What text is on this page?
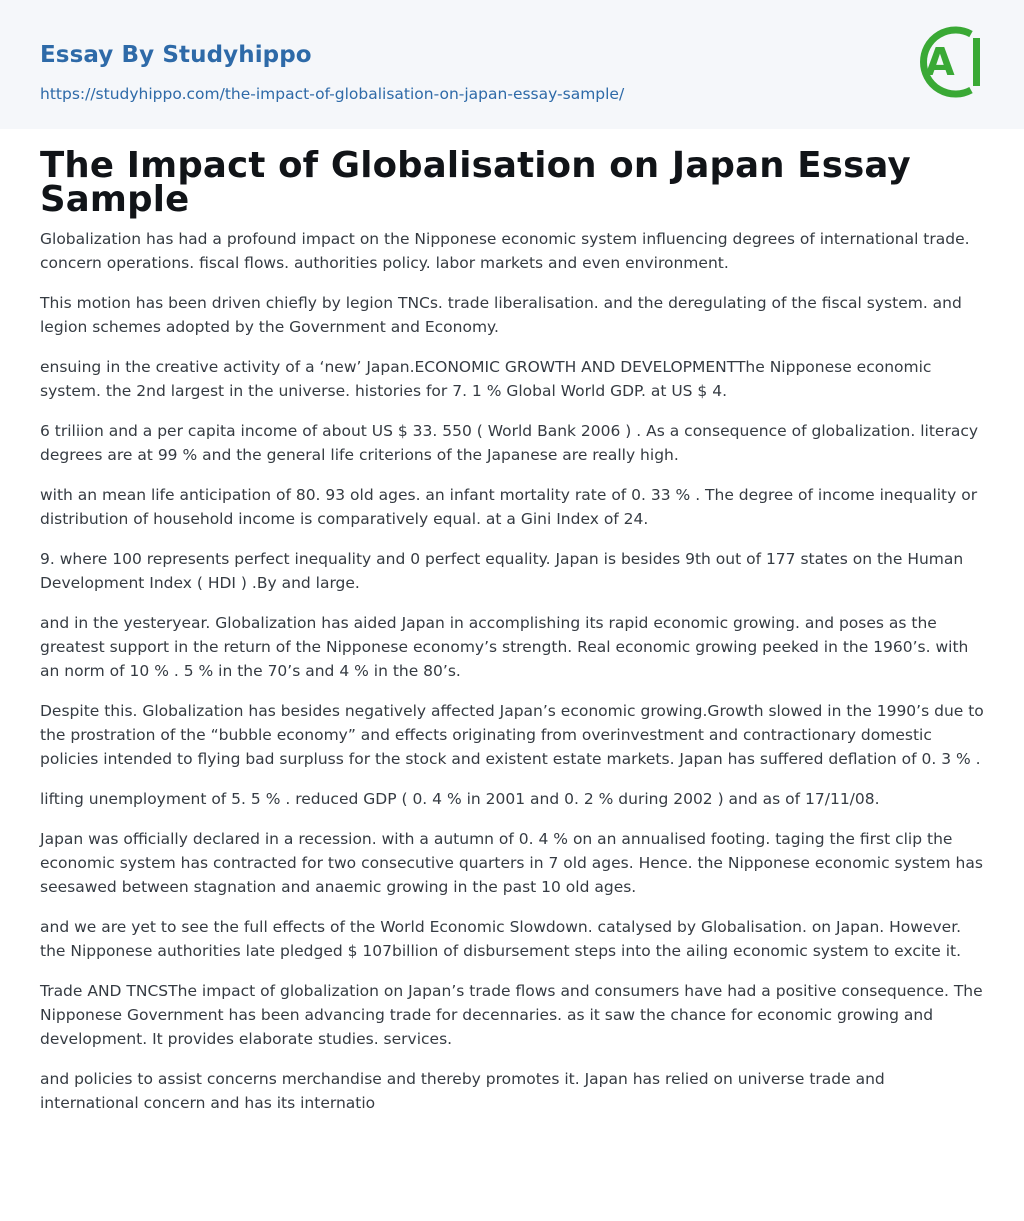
Essay By Studyhippo
https://studyhippo.com/the-impact-of-globalisation-on-japan-essay-sample/
A
The Impact of Globalisation on Japan Essay Sample

Globalization has had a profound impact on the Nipponese economic system influencing degrees of international trade. concern operations. fiscal flows. authorities policy. labor markets and even environment.

This motion has been driven chiefly by legion TNCs. trade liberalisation. and the deregulating of the fiscal system. and legion schemes adopted by the Government and Economy.

ensuing in the creative activity of a ‘new’ Japan.ECONOMIC GROWTH AND DEVELOPMENTThe Nipponese economic system. the 2nd largest in the universe. histories for 7. 1 % Global World GDP. at US $ 4.

6 triliion and a per capita income of about US $ 33. 550 ( World Bank 2006 ) . As a consequence of globalization. literacy degrees are at 99 % and the general life criterions of the Japanese are really high.

with an mean life anticipation of 80. 93 old ages. an infant mortality rate of 0. 33 % . The degree of income inequality or distribution of household income is comparatively equal. at a Gini Index of 24.

9. where 100 represents perfect inequality and 0 perfect equality. Japan is besides 9th out of 177 states on the Human Development Index ( HDI ) .By and large.

and in the yesteryear. Globalization has aided Japan in accomplishing its rapid economic growing. and poses as the greatest support in the return of the Nipponese economy’s strength. Real economic growing peeked in the 1960’s. with an norm of 10 % . 5 % in the 70’s and 4 % in the 80’s.

Despite this. Globalization has besides negatively affected Japan’s economic growing.Growth slowed in the 1990’s due to the prostration of the “bubble economy” and effects originating from overinvestment and contractionary domestic policies intended to flying bad surpluss for the stock and existent estate markets. Japan has suffered deflation of 0. 3 % .

lifting unemployment of 5. 5 % . reduced GDP ( 0. 4 % in 2001 and 0. 2 % during 2002 ) and as of 17/11/08.

Japan was officially declared in a recession. with a autumn of 0. 4 % on an annualised footing. taging the first clip the economic system has contracted for two consecutive quarters in 7 old ages. Hence. the Nipponese economic system has seesawed between stagnation and anaemic growing in the past 10 old ages.

and we are yet to see the full effects of the World Economic Slowdown. catalysed by Globalisation. on Japan. However. the Nipponese authorities late pledged $ 107billion of disbursement steps into the ailing economic system to excite it.

Trade AND TNCSThe impact of globalization on Japan’s trade flows and consumers have had a positive consequence. The Nipponese Government has been advancing trade for decennaries. as it saw the chance for economic growing and development. It provides elaborate studies. services.

and policies to assist concerns merchandise and thereby promotes it. Japan has relied on universe trade and international concern and has its internatio
